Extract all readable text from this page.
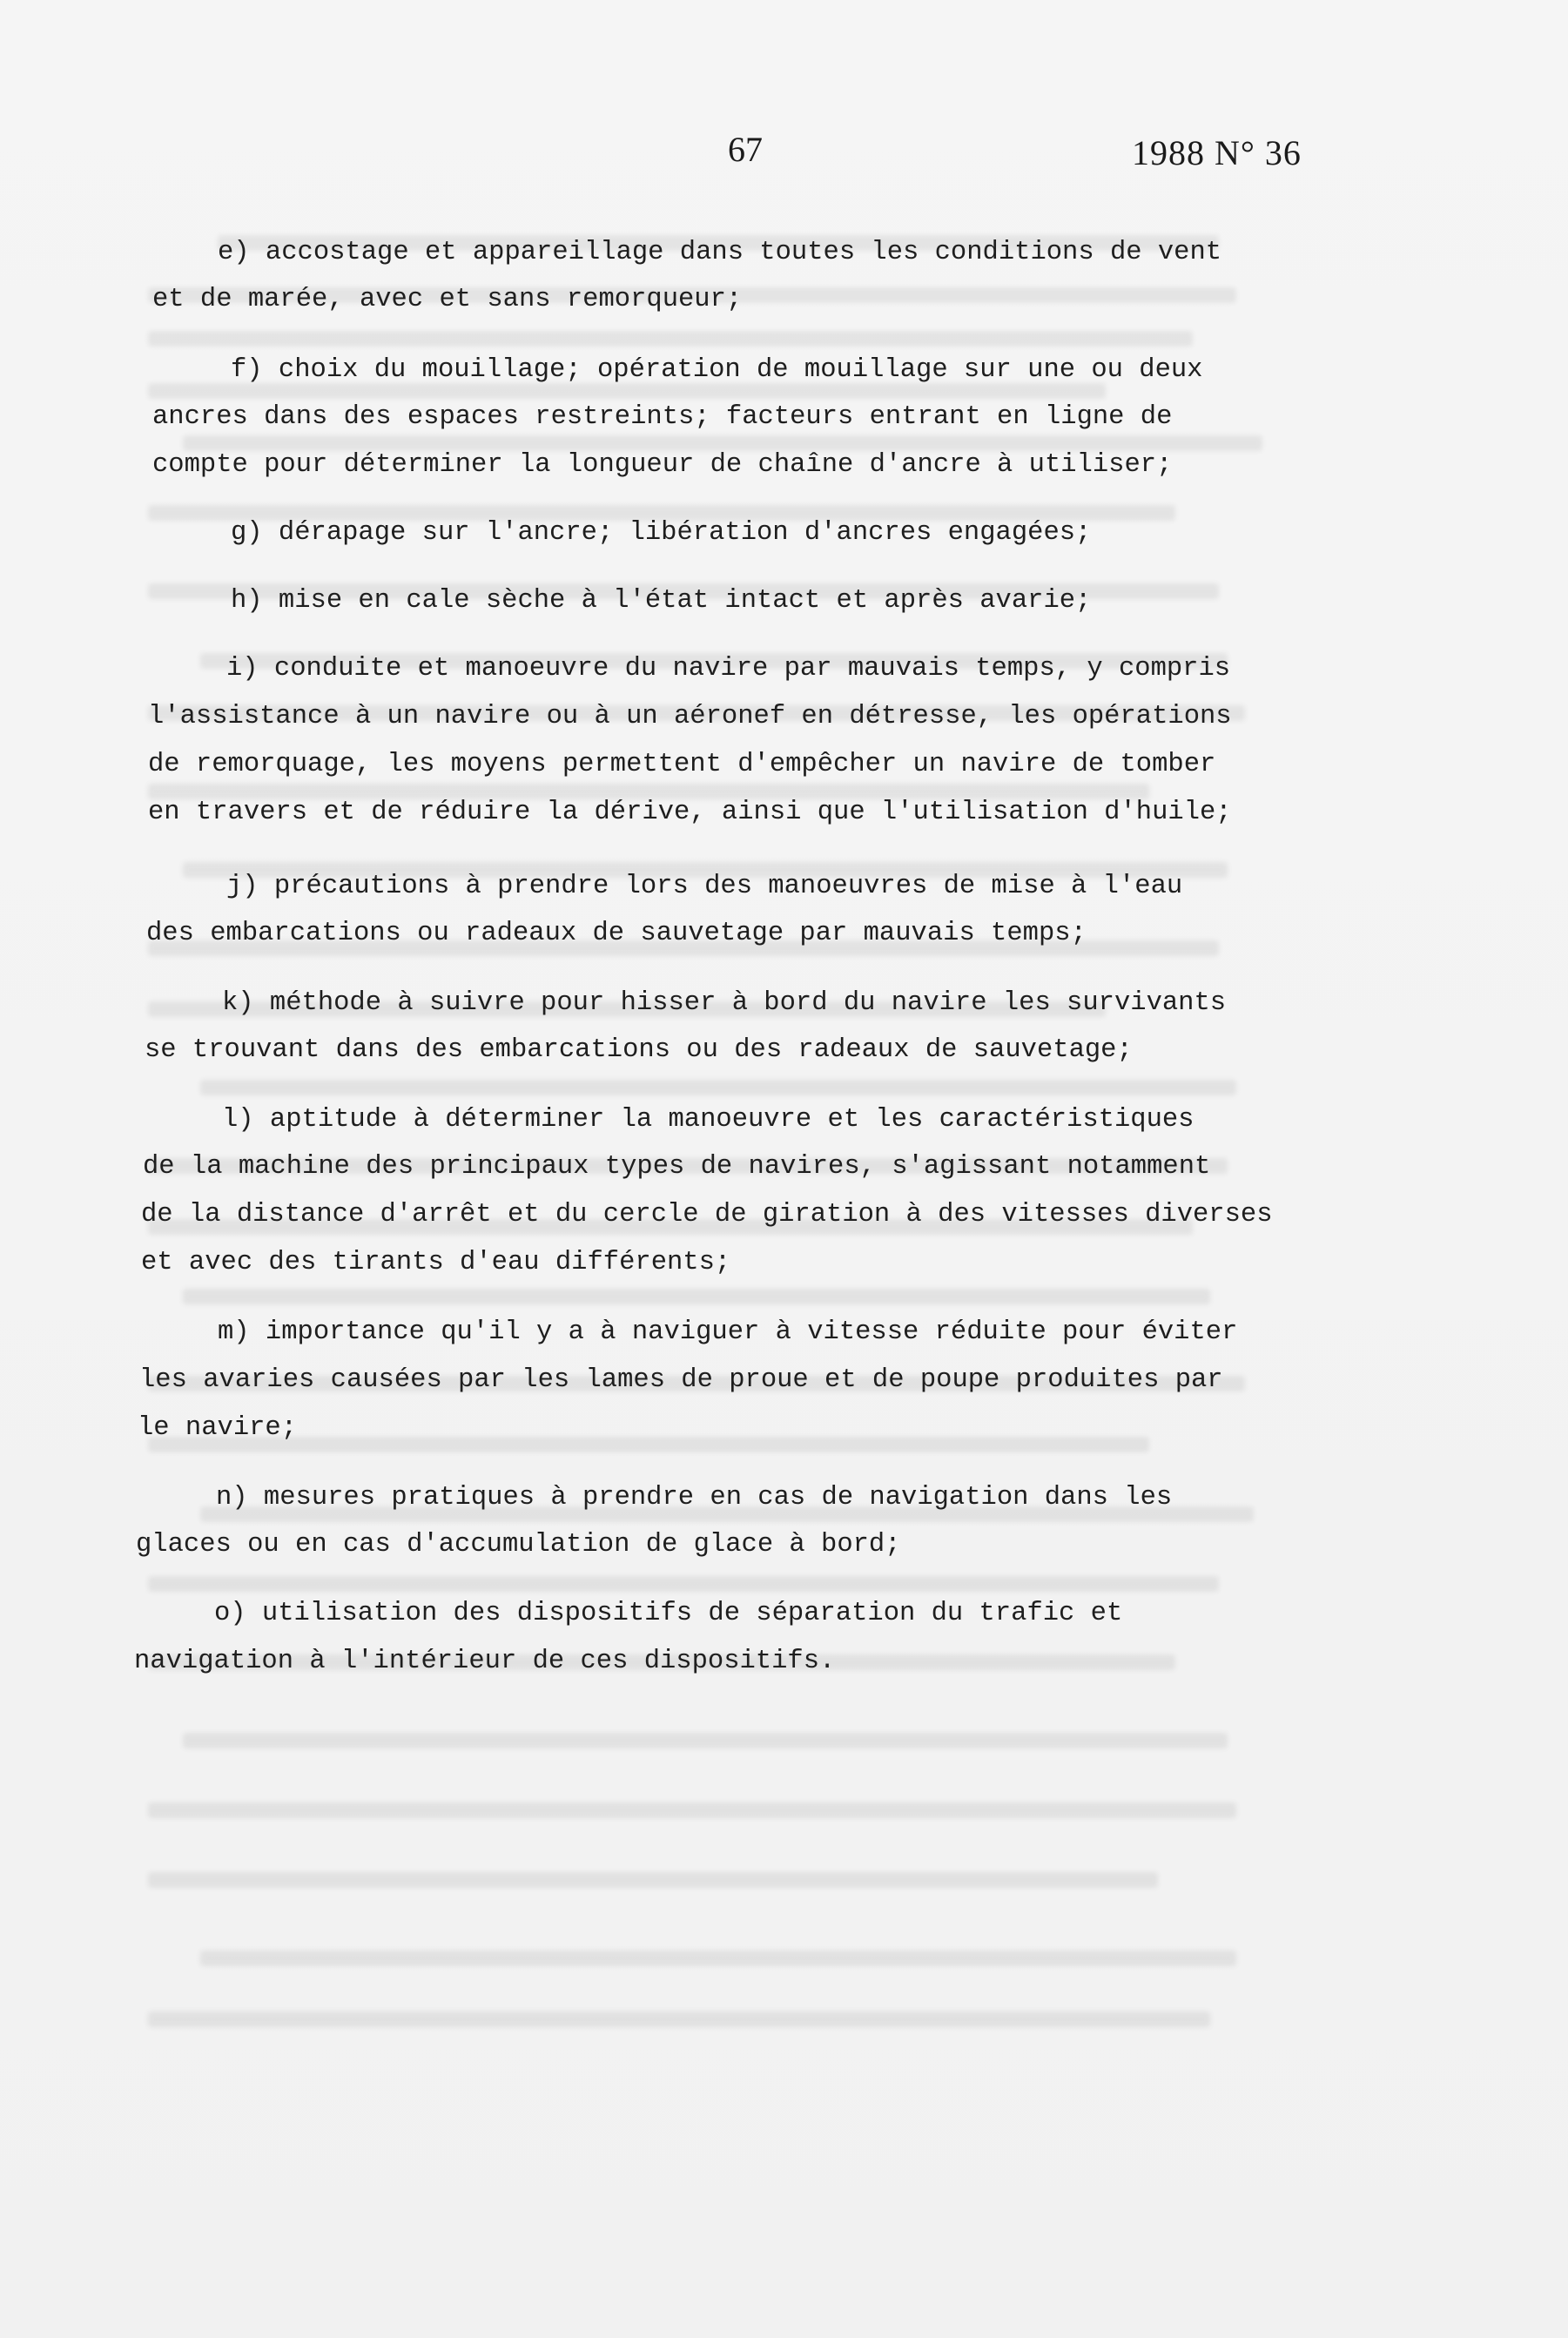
67	1988 N° 36
e) accostage et appareillage dans toutes les conditions de vent
et de marée, avec et sans remorqueur;
f) choix du mouillage; opération de mouillage sur une ou deux
ancres dans des espaces restreints; facteurs entrant en ligne de
compte pour déterminer la longueur de chaîne d'ancre à utiliser;
g) dérapage sur l'ancre; libération d'ancres engagées;
h) mise en cale sèche à l'état intact et après avarie;
i) conduite et manoeuvre du navire par mauvais temps, y compris
l'assistance à un navire ou à un aéronef en détresse, les opérations
de remorquage, les moyens permettent d'empêcher un navire de tomber
en travers et de réduire la dérive, ainsi que l'utilisation d'huile;
j) précautions à prendre lors des manoeuvres de mise à l'eau
des embarcations ou radeaux de sauvetage par mauvais temps;
k) méthode à suivre pour hisser à bord du navire les survivants
se trouvant dans des embarcations ou des radeaux de sauvetage;
l) aptitude à déterminer la manoeuvre et les caractéristiques
de la machine des principaux types de navires, s'agissant notamment
de la distance d'arrêt et du cercle de giration à des vitesses diverses
et avec des tirants d'eau différents;
m) importance qu'il y a à naviguer à vitesse réduite pour éviter
les avaries causées par les lames de proue et de poupe produites par
le navire;
n) mesures pratiques à prendre en cas de navigation dans les
glaces ou en cas d'accumulation de glace à bord;
o) utilisation des dispositifs de séparation du trafic et
navigation à l'intérieur de ces dispositifs.
